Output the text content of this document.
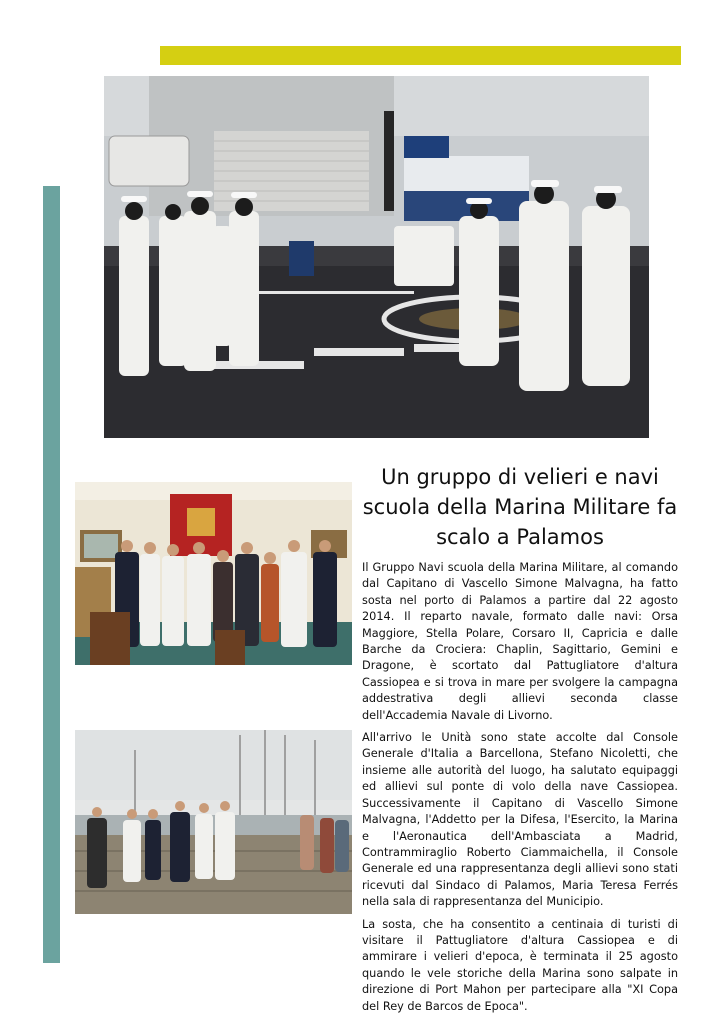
Un gruppo di velieri e navi scuola della Marina Militare fa scalo a Palamos

Il Gruppo Navi scuola della Marina Militare, al comando dal Capitano di Vascello Simone Malvagna, ha fatto sosta nel porto di Palamos a partire dal 22 agosto 2014. Il reparto navale, formato dalle navi: Orsa Maggiore, Stella Polare, Corsaro II, Capricia e dalle Barche da Crociera: Chaplin, Sagittario, Gemini e Dragone, è scortato dal Pattugliatore d'altura Cassiopea e si trova in mare per svolgere la campagna addestrativa degli allievi seconda classe dell'Accademia Navale di Livorno.

All'arrivo le Unità sono state accolte dal Console Generale d'Italia a Barcellona, Stefano Nicoletti, che insieme alle autorità del luogo, ha salutato equipaggi ed allievi sul ponte di volo della nave Cassiopea. Successivamente il Capitano di Vascello Simone Malvagna, l'Addetto per la Difesa, l'Esercito, la Marina e l'Aeronautica dell'Ambasciata a Madrid, Contrammiraglio Roberto Ciammaichella, il Console Generale ed una rappresentanza degli allievi sono stati ricevuti dal Sindaco di Palamos, Maria Teresa Ferrés nella sala di rappresentanza del Municipio.

La sosta, che ha consentito a centinaia di turisti di visitare il Pattugliatore d'altura Cassiopea e di ammirare i velieri d'epoca, è terminata il 25 agosto quando le vele storiche della Marina sono salpate in direzione di Port Mahon per partecipare alla "XI Copa del Rey de Barcos de Epoca".
